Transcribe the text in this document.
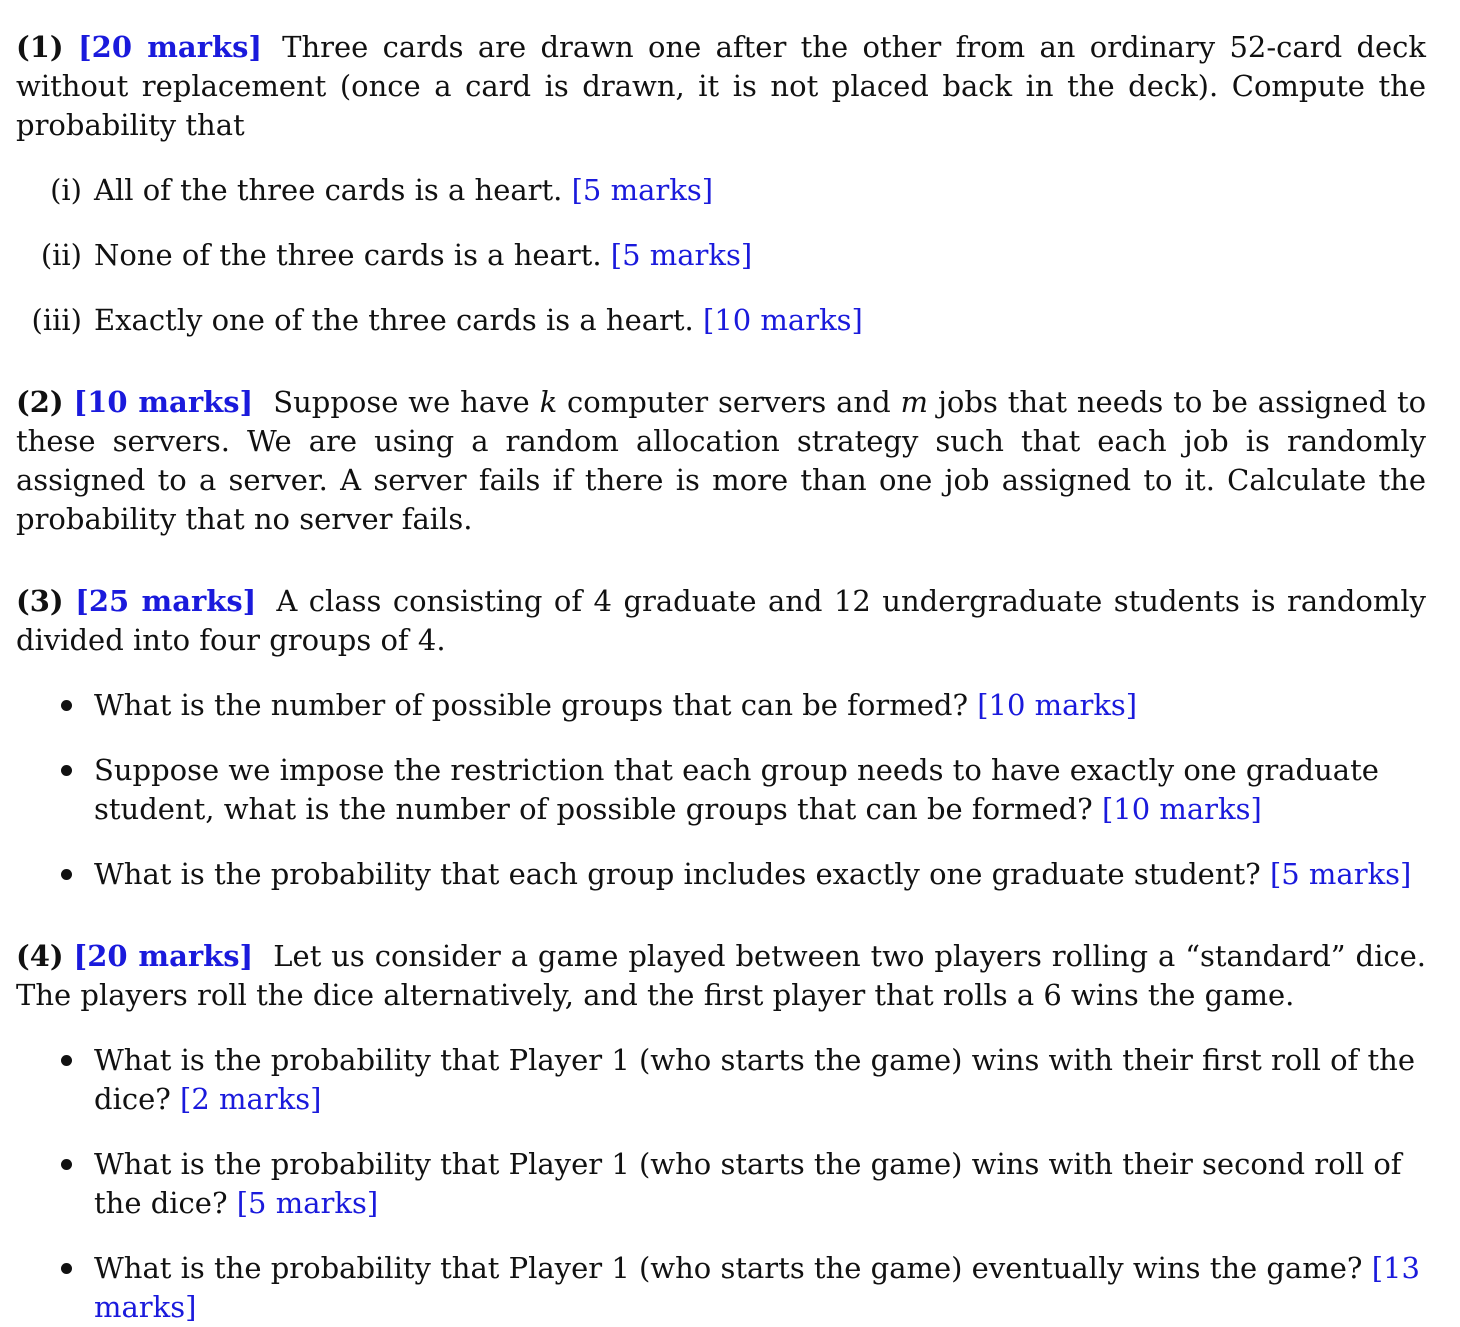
(1) [20 marks] Three cards are drawn one after the other from an ordinary 52-card deck without replacement (once a card is drawn, it is not placed back in the deck). Compute the probability that

(i) All of the three cards is a heart. [5 marks]
(ii) None of the three cards is a heart. [5 marks]
(iii) Exactly one of the three cards is a heart. [10 marks]

(2) [10 marks] Suppose we have k computer servers and m jobs that needs to be assigned to these servers. We are using a random allocation strategy such that each job is randomly assigned to a server. A server fails if there is more than one job assigned to it. Calculate the probability that no server fails.

(3) [25 marks] A class consisting of 4 graduate and 12 undergraduate students is randomly divided into four groups of 4.

What is the number of possible groups that can be formed? [10 marks]
Suppose we impose the restriction that each group needs to have exactly one graduate student, what is the number of possible groups that can be formed? [10 marks]
What is the probability that each group includes exactly one graduate student? [5 marks]

(4) [20 marks] Let us consider a game played between two players rolling a “standard” dice. The players roll the dice alternatively, and the first player that rolls a 6 wins the game.

What is the probability that Player 1 (who starts the game) wins with their first roll of the dice? [2 marks]
What is the probability that Player 1 (who starts the game) wins with their second roll of the dice? [5 marks]
What is the probability that Player 1 (who starts the game) eventually wins the game? [13 marks]
